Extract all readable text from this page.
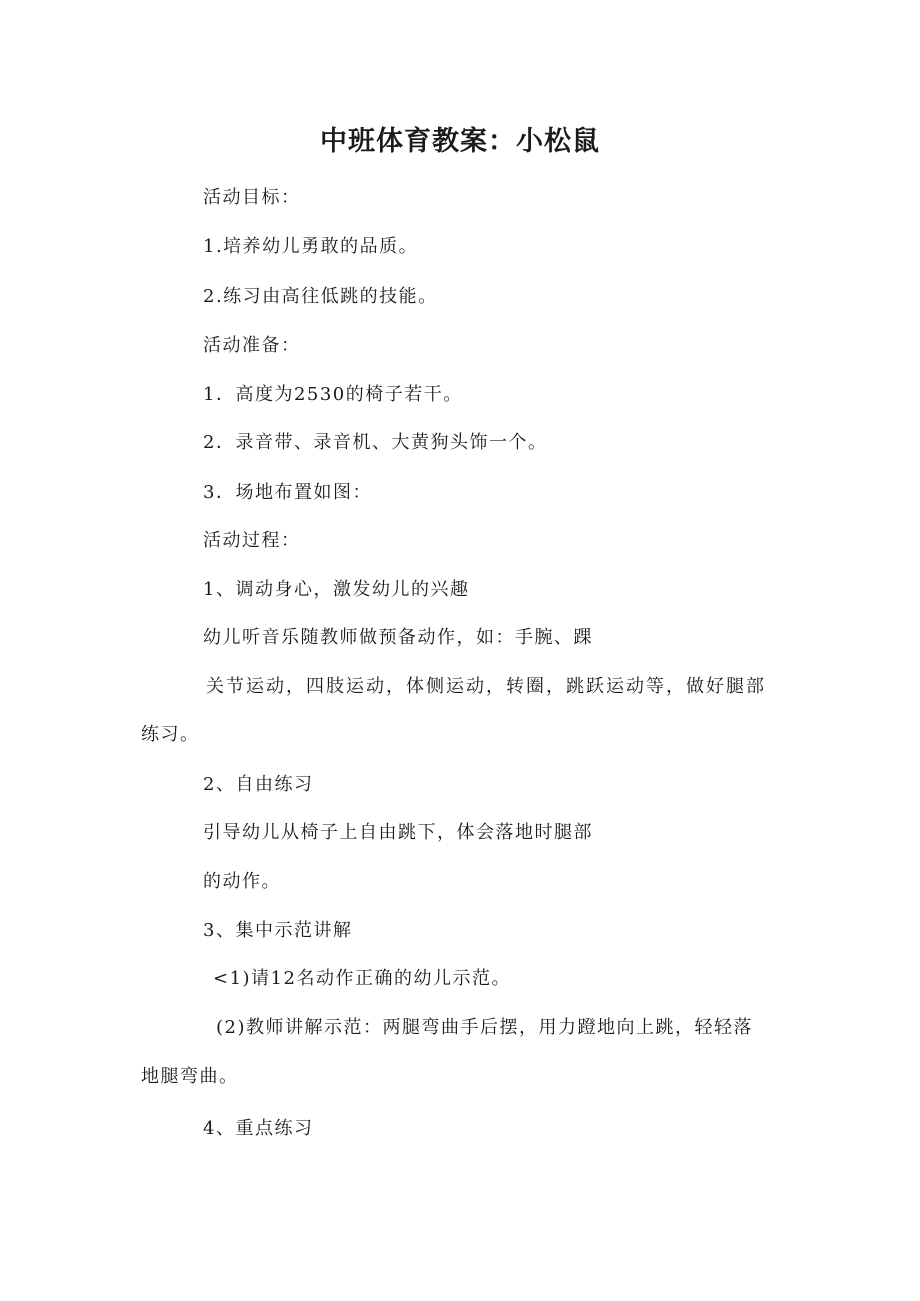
中班体育教案：小松鼠
活动目标：
1.培养幼儿勇敢的品质。
2.练习由高往低跳的技能。
活动准备：
1．高度为2530的椅子若干。
2．录音带、录音机、大黄狗头饰一个。
3．场地布置如图：
活动过程：
1、调动身心，激发幼儿的兴趣
幼儿听音乐随教师做预备动作，如：手腕、踝
关节运动，四肢运动，体侧运动，转圈，跳跃运动等，做好腿部
练习。
2、自由练习
引导幼儿从椅子上自由跳下，体会落地时腿部
的动作。
3、集中示范讲解
<1)请12名动作正确的幼儿示范。
(2)教师讲解示范：两腿弯曲手后摆，用力蹬地向上跳，轻轻落
地腿弯曲。
4、重点练习
